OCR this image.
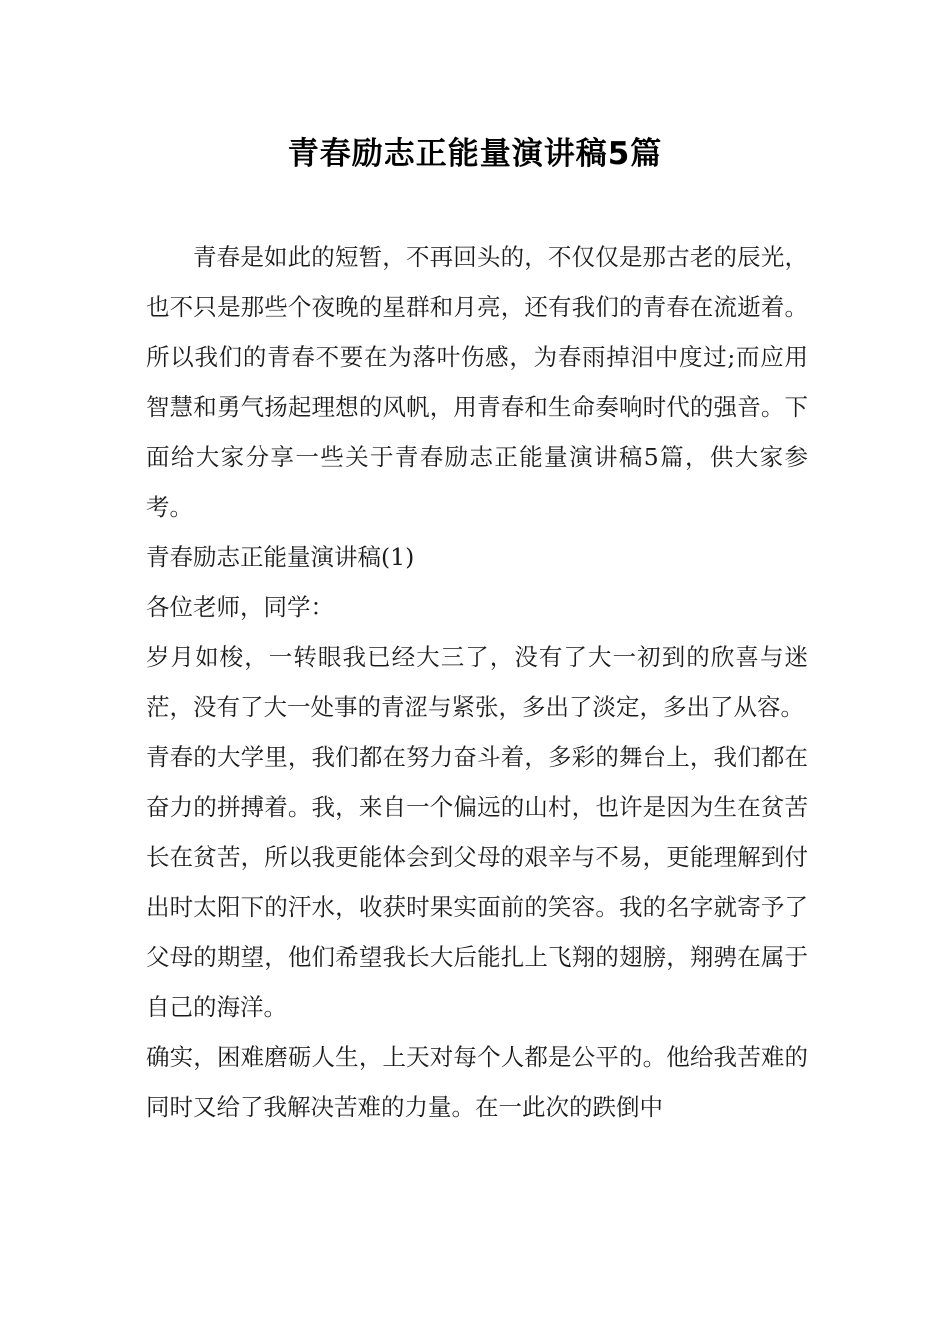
青春励志正能量演讲稿5篇

青春是如此的短暂，不再回头的，不仅仅是那古老的辰光，也不只是那些个夜晚的星群和月亮，还有我们的青春在流逝着。所以我们的青春不要在为落叶伤感，为春雨掉泪中度过;而应用智慧和勇气扬起理想的风帆，用青春和生命奏响时代的强音。下面给大家分享一些关于青春励志正能量演讲稿5篇，供大家参考。

青春励志正能量演讲稿(1)

各位老师，同学：

岁月如梭，一转眼我已经大三了，没有了大一初到的欣喜与迷茫，没有了大一处事的青涩与紧张，多出了淡定，多出了从容。

青春的大学里，我们都在努力奋斗着，多彩的舞台上，我们都在奋力的拼搏着。我，来自一个偏远的山村，也许是因为生在贫苦长在贫苦，所以我更能体会到父母的艰辛与不易，更能理解到付出时太阳下的汗水，收获时果实面前的笑容。我的名字就寄予了父母的期望，他们希望我长大后能扎上飞翔的翅膀，翔骋在属于自己的海洋。

确实，困难磨砺人生，上天对每个人都是公平的。他给我苦难的同时又给了我解决苦难的力量。在一此次的跌倒中
